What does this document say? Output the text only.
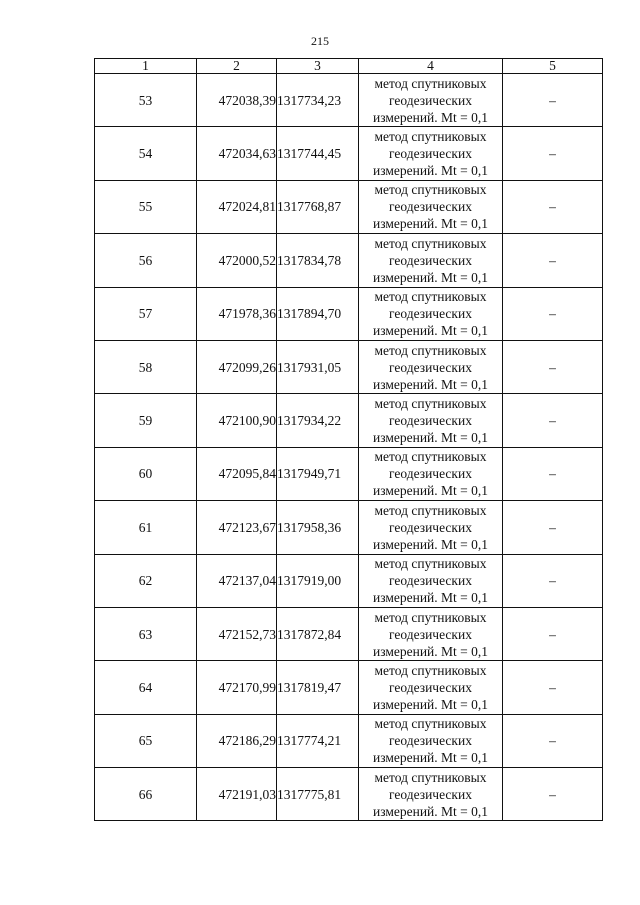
215
1	2	3	4	5
53	472038,39	1317734,23	метод спутниковых
геодезических
измерений. Mt = 0,1	–
54	472034,63	1317744,45	метод спутниковых
геодезических
измерений. Mt = 0,1	–
55	472024,81	1317768,87	метод спутниковых
геодезических
измерений. Mt = 0,1	–
56	472000,52	1317834,78	метод спутниковых
геодезических
измерений. Mt = 0,1	–
57	471978,36	1317894,70	метод спутниковых
геодезических
измерений. Mt = 0,1	–
58	472099,26	1317931,05	метод спутниковых
геодезических
измерений. Mt = 0,1	–
59	472100,90	1317934,22	метод спутниковых
геодезических
измерений. Mt = 0,1	–
60	472095,84	1317949,71	метод спутниковых
геодезических
измерений. Mt = 0,1	–
61	472123,67	1317958,36	метод спутниковых
геодезических
измерений. Mt = 0,1	–
62	472137,04	1317919,00	метод спутниковых
геодезических
измерений. Mt = 0,1	–
63	472152,73	1317872,84	метод спутниковых
геодезических
измерений. Mt = 0,1	–
64	472170,99	1317819,47	метод спутниковых
геодезических
измерений. Mt = 0,1	–
65	472186,29	1317774,21	метод спутниковых
геодезических
измерений. Mt = 0,1	–
66	472191,03	1317775,81	метод спутниковых
геодезических
измерений. Mt = 0,1	–
